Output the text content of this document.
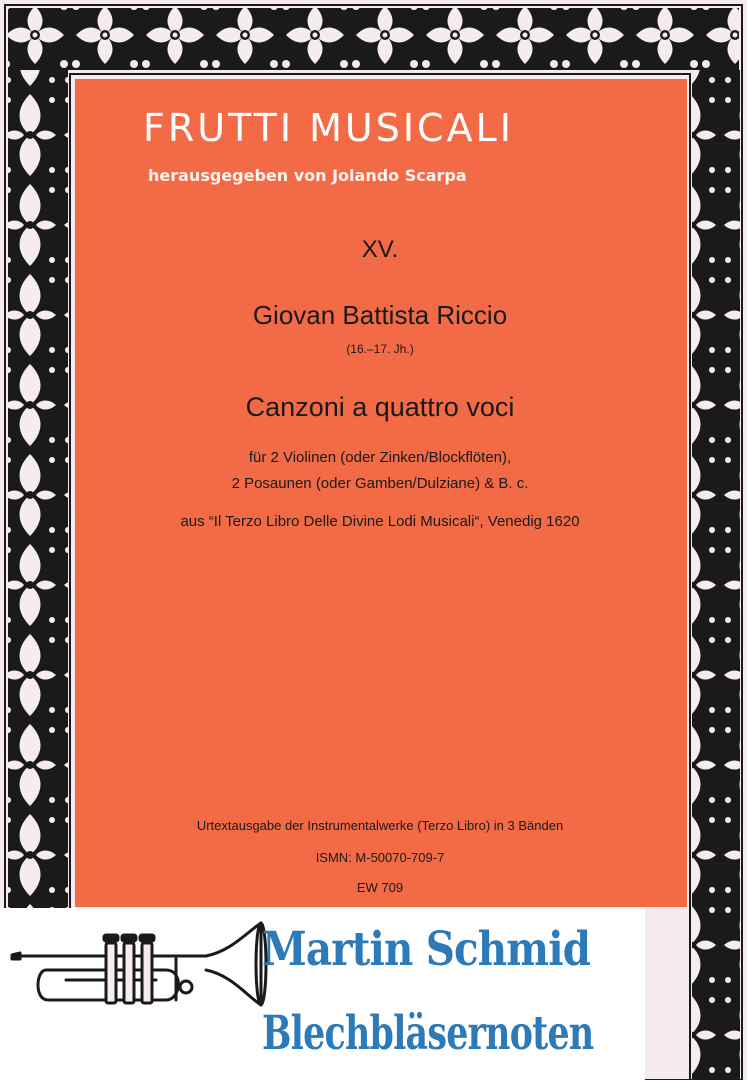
FRUTTI MUSICALI
herausgegeben von Jolando Scarpa
XV.
Giovan Battista Riccio
(16.–17. Jh.)
Canzoni a quattro voci
für 2 Violinen (oder Zinken/Blockflöten),
2 Posaunen (oder Gamben/Dulziane) & B. c.
aus “Il Terzo Libro Delle Divine Lodi Musicali“, Venedig 1620
Urtextausgabe der Instrumentalwerke (Terzo Libro) in 3 Bänden
ISMN: M-50070-709-7
EW 709
Martin Schmid
Blechbläsernoten
